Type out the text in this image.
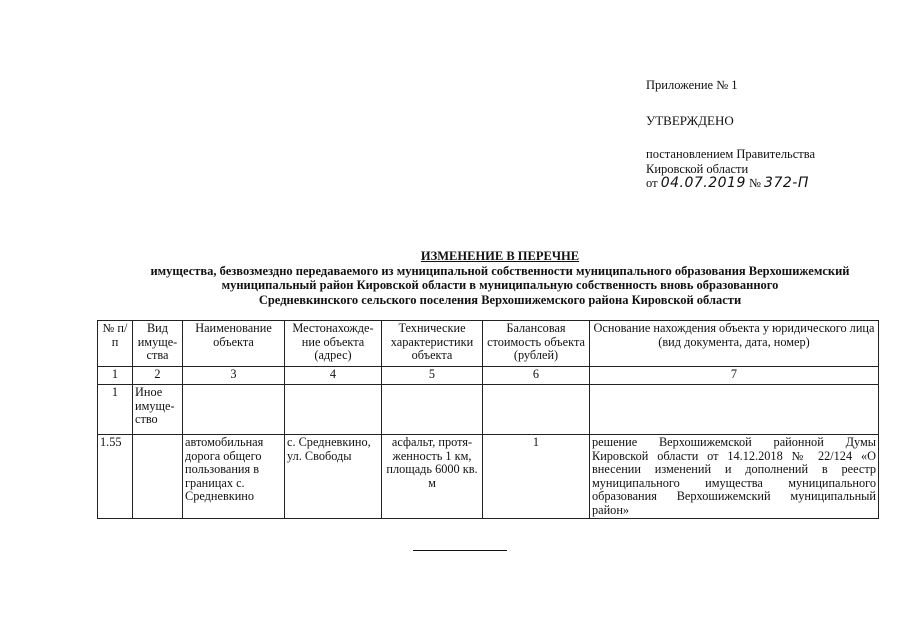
Приложение № 1
УТВЕРЖДЕНО
постановлением Правительства
Кировской области
от 04.07.2019 № 372-П
ИЗМЕНЕНИЕ В ПЕРЕЧНЕ
имущества, безвозмездно передаваемого из муниципальной собственности муниципального образования Верхошижемский
муниципальный район Кировской области в муниципальную собственность вновь образованного
Средневкинского сельского поселения Верхошижемского района Кировской области
№ п/п	Вид имуще-ства	Наименование объекта	Местонахожде-ние объекта (адрес)	Технические характеристики объекта	Балансовая стоимость объекта (рублей)	Основание нахождения объекта у юридического лица (вид документа, дата, номер)
1	2	3	4	5	6	7
1	Иное имуще-ство					
1.55		автомобильная дорога общего пользования в границах с. Средневкино	с. Средневкино, ул. Свободы	асфальт, протя-женность 1 км, площадь 6000 кв. м	1	решение Верхошижемской районной Думы Кировской области от 14.12.2018 № 22/124 «О внесении изменений и дополнений в реестр муниципального имущества муниципального образования Верхошижемский муниципальный район»
